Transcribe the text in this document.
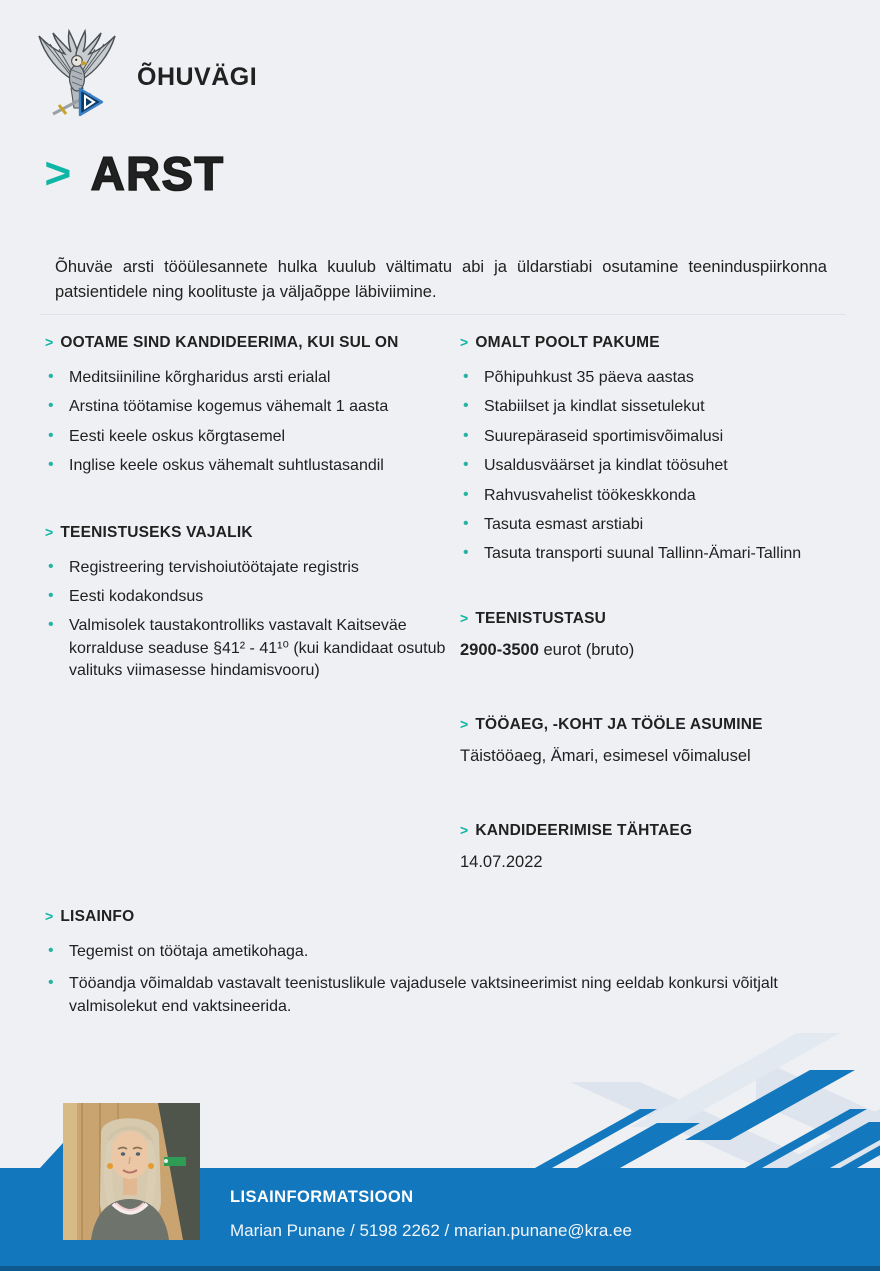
ÕHUVÄGI
> ARST

Õhuväe arsti tööülesannete hulka kuulub vältimatu abi ja üldarstiabi osutamine teeninduspiirkonna patsientidele ning koolituste ja väljaõppe läbiviimine.

> OOTAME SIND KANDIDEERIMA, KUI SUL ON
• Meditsiiniline kõrgharidus arsti erialal
• Arstina töötamise kogemus vähemalt 1 aasta
• Eesti keele oskus kõrgtasemel
• Inglise keele oskus vähemalt suhtlustasandil
> TEENISTUSEKS VAJALIK
• Registreering tervishoiutöötajate registris
• Eesti kodakondsus
• Valmisolek taustakontrolliks vastavalt Kaitseväe korralduse seaduse §41² - 41¹⁰ (kui kandidaat osutub valituks viimasesse hindamisvooru)
> OMALT POOLT PAKUME
• Põhipuhkust 35 päeva aastas
• Stabiilset ja kindlat sissetulekut
• Suurepäraseid sportimisvõimalusi
• Usaldusväärset ja kindlat töösuhet
• Rahvusvahelist töökeskkonda
• Tasuta esmast arstiabi
• Tasuta transporti suunal Tallinn-Ämari-Tallinn
> TEENISTUSTASU
2900-3500 eurot (bruto)
> TÖÖAEG, -KOHT JA TÖÖLE ASUMINE
Täistööaeg, Ämari, esimesel võimalusel
> KANDIDEERIMISE TÄHTAEG
14.07.2022
> LISAINFO
• Tegemist on töötaja ametikohaga.
• Tööandja võimaldab vastavalt teenistuslikule vajadusele vaktsineerimist ning eeldab konkursi võitjalt valmisolekut end vaktsineerida.
LISAINFORMATSIOON
Marian Punane / 5198 2262 / marian.punane@kra.ee
